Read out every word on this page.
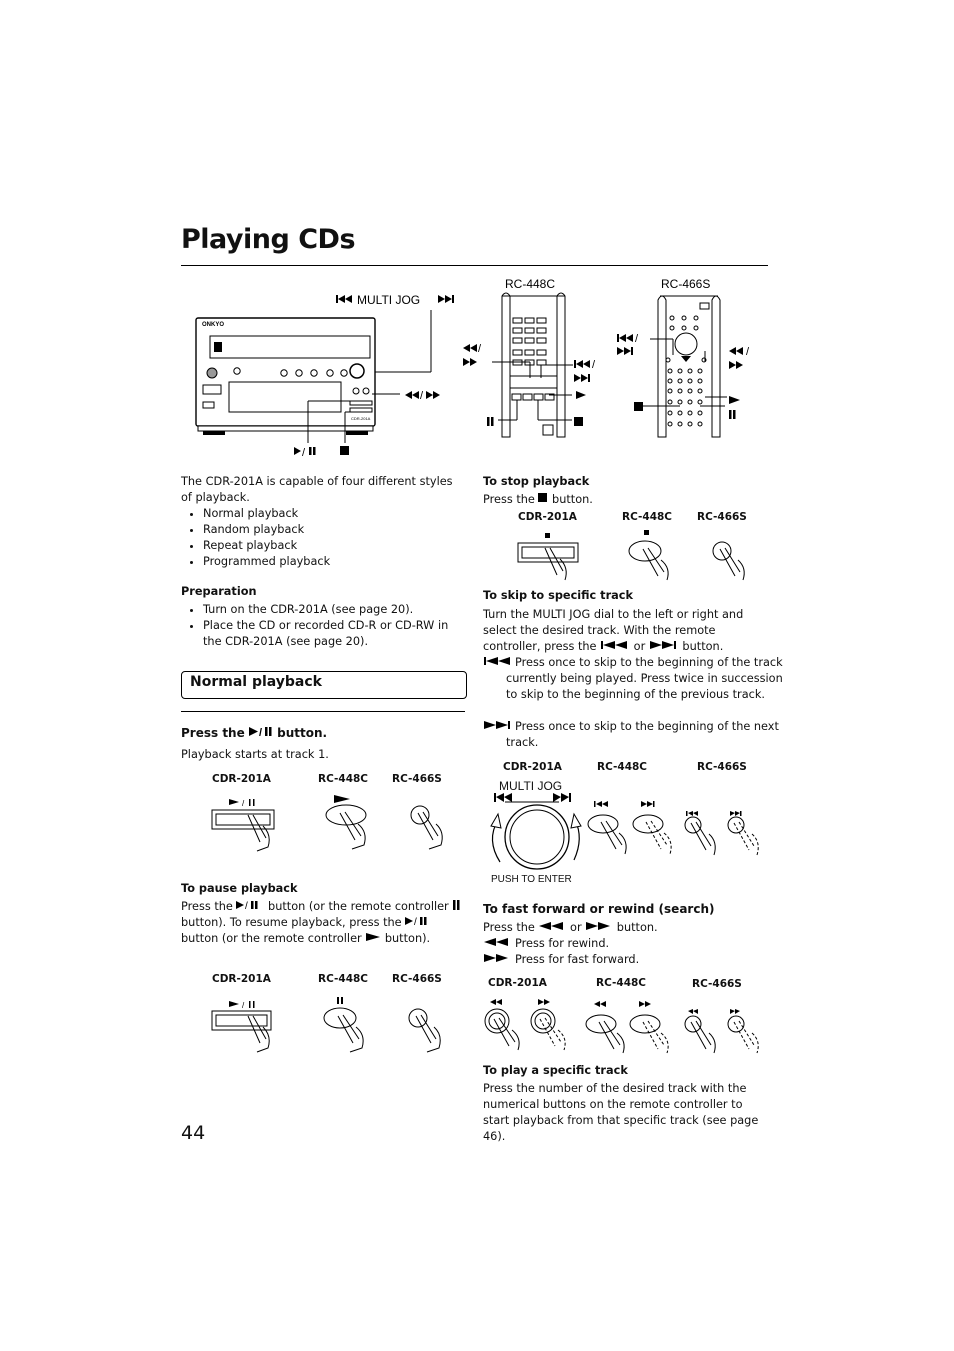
Playing CDs
RC-448C	RC-466S
MULTI JOG
ONKYO
CDR-201A
/
/
/
/
/
/
The CDR-201A is capable of four different styles of playback.
• Normal playback
• Random playback
• Repeat playback
• Programmed playback
Preparation
• Turn on the CDR-201A (see page 20).
• Place the CD or recorded CD-R or CD-RW in the CDR-201A (see page 20).
Normal playback
Press the / button.
Playback starts at track 1.
CDR-201A	RC-448C RC-466S
/
To pause playback
Press the / button (or the remote controller  button). To resume playback, press the /
button (or the remote controller  button).
CDR-201A	RC-448C RC-466S
/
44
To stop playback
Press the  button.
CDR-201A	RC-448C RC-466S
To skip to specific track
Turn the MULTI JOG dial to the left or right and select the desired track. With the remote controller, press the	or	button.
Press once to skip to the beginning of the track currently being played. Press twice in succession to skip to the beginning of the previous track.
Press once to skip to the beginning of the next track.
CDR-201A	RC-448C	RC-466S
MULTI JOG
PUSH TO ENTER
To fast forward or rewind (search)
Press the  or  button.
Press for rewind.
Press for fast forward.
CDR-201A	RC-448C	RC-466S
To play a specific track
Press the number of the desired track with the numerical buttons on the remote controller to start playback from that specific track (see page 46).
